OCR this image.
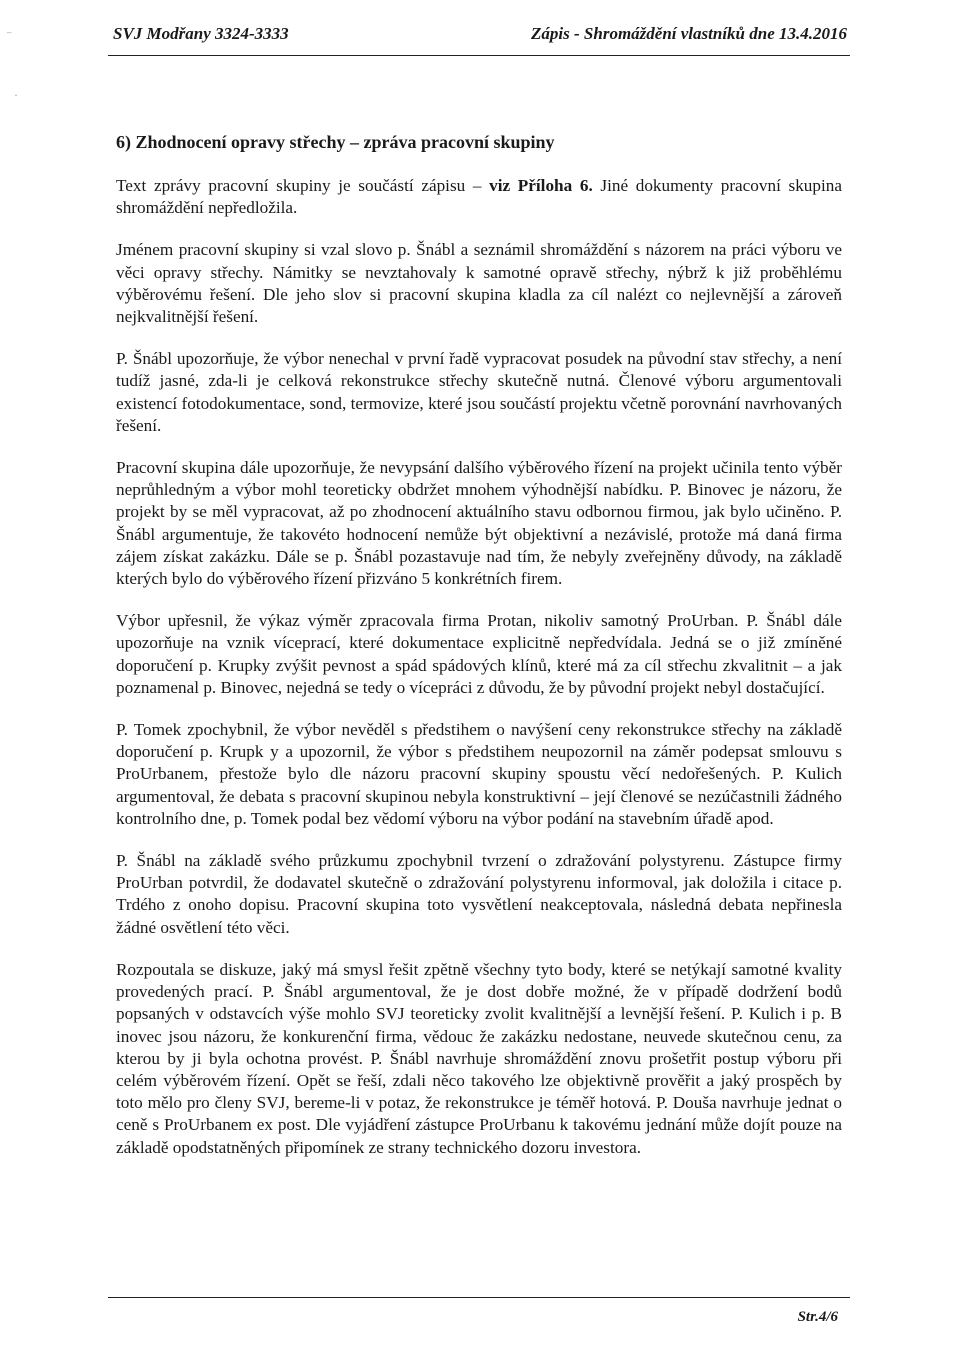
⁻
·
SVJ Modřany 3324-3333	Zápis - Shromáždění vlastníků dne 13.4.2016
6) Zhodnocení opravy střechy – zpráva pracovní skupiny

Text zprávy pracovní skupiny je součástí zápisu – viz Příloha 6. Jiné dokumenty pracovní skupina shromáždění nepředložila.

Jménem pracovní skupiny si vzal slovo p. Šnábl a seznámil shromáždění s názorem na práci výboru ve věci opravy střechy. Námitky se nevztahovaly k samotné opravě střechy, nýbrž k již proběhlému výběrovému řešení. Dle jeho slov si pracovní skupina kladla za cíl nalézt co nejlevnější a zároveň nejkvalitnější řešení.

P. Šnábl upozorňuje, že výbor nenechal v první řadě vypracovat posudek na původní stav střechy, a není tudíž jasné, zda-li je celková rekonstrukce střechy skutečně nutná. Členové výboru argumentovali existencí fotodokumentace, sond, termovize, které jsou součástí projektu včetně porovnání navrhovaných řešení.

Pracovní skupina dále upozorňuje, že nevypsání dalšího výběrového řízení na projekt učinila tento výběr neprůhledným a výbor mohl teoreticky obdržet mnohem výhodnější nabídku. P. Binovec je názoru, že projekt by se měl vypracovat, až po zhodnocení aktuálního stavu odbornou firmou, jak bylo učiněno. P. Šnábl argumentuje, že takovéto hodnocení nemůže být objektivní a nezávislé, protože má daná firma zájem získat zakázku. Dále se p. Šnábl pozastavuje nad tím, že nebyly zveřejněny důvody, na základě kterých bylo do výběrového řízení přizváno 5 konkrétních firem.

Výbor upřesnil, že výkaz výměr zpracovala firma Protan, nikoliv samotný ProUrban. P. Šnábl dále upozorňuje na vznik víceprací, které dokumentace explicitně nepředvídala. Jedná se o již zmíněné doporučení p. Krupky zvýšit pevnost a spád spádových klínů, které má za cíl střechu zkvalitnit – a jak poznamenal p. Binovec, nejedná se tedy o vícepráci z důvodu, že by původní projekt nebyl dostačující.

P. Tomek zpochybnil, že výbor nevěděl s předstihem o navýšení ceny rekonstrukce střechy na základě doporučení p. Krupk y a upozornil, že výbor s předstihem neupozornil na záměr podepsat smlouvu s ProUrbanem, přestože bylo dle názoru pracovní skupiny spoustu věcí nedořešených. P. Kulich argumentoval, že debata s pracovní skupinou nebyla konstruktivní – její členové se nezúčastnili žádného kontrolního dne, p. Tomek podal bez vědomí výboru na výbor podání na stavebním úřadě apod.

P. Šnábl na základě svého průzkumu zpochybnil tvrzení o zdražování polystyrenu. Zástupce firmy ProUrban potvrdil, že dodavatel skutečně o zdražování polystyrenu informoval, jak doložila i citace p. Trdého z onoho dopisu. Pracovní skupina toto vysvětlení neakceptovala, následná debata nepřinesla žádné osvětlení této věci.

Rozpoutala se diskuze, jaký má smysl řešit zpětně všechny tyto body, které se netýkají samotné kvality provedených prací. P. Šnábl argumentoval, že je dost dobře možné, že v případě dodržení bodů popsaných v odstavcích výše mohlo SVJ teoreticky zvolit kvalitnější a levnější řešení. P. Kulich i p. B inovec jsou názoru, že konkurenční firma, vědouc že zakázku nedostane, neuvede skutečnou cenu, za kterou by ji byla ochotna provést. P. Šnábl navrhuje shromáždění znovu prošetřit postup výboru při celém výběrovém řízení. Opět se řeší, zdali něco takového lze objektivně prověřit a jaký prospěch by toto mělo pro členy SVJ, bereme-li v potaz, že rekonstrukce je téměř hotová. P. Douša navrhuje jednat o ceně s ProUrbanem ex post. Dle vyjádření zástupce ProUrbanu k takovému jednání může dojít pouze na základě opodstatněných připomínek ze strany technického dozoru investora.

Str.4/6
